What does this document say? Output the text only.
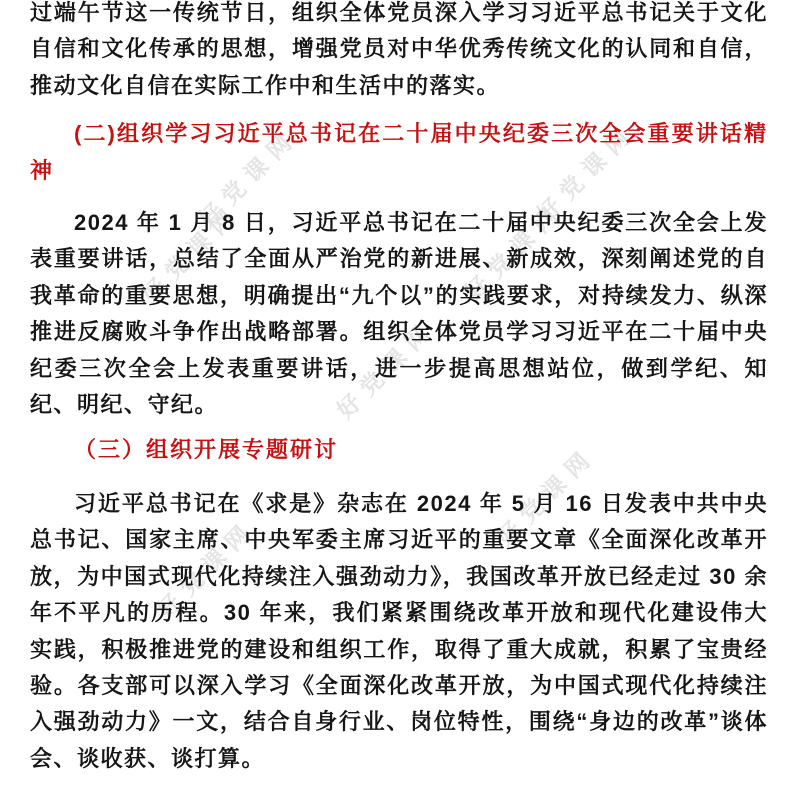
好党课网	好党课网
好党课网	好党课网
好党课网
好党课网
好党课网

过端午节这一传统节日，组织全体党员深入学习习近平总书记关于文化自信和文化传承的思想，增强党员对中华优秀传统文化的认同和自信，推动文化自信在实际工作中和生活中的落实。

(二)组织学习习近平总书记在二十届中央纪委三次全会重要讲话精神

2024 年 1 月 8 日，习近平总书记在二十届中央纪委三次全会上发表重要讲话，总结了全面从严治党的新进展、新成效，深刻阐述党的自我革命的重要思想，明确提出“九个以”的实践要求，对持续发力、纵深推进反腐败斗争作出战略部署。组织全体党员学习习近平在二十届中央纪委三次全会上发表重要讲话，进一步提高思想站位，做到学纪、知纪、明纪、守纪。

（三）组织开展专题研讨

习近平总书记在《求是》杂志在 2024 年 5 月 16 日发表中共中央总书记、国家主席、中央军委主席习近平的重要文章《全面深化改革开放，为中国式现代化持续注入强劲动力》，我国改革开放已经走过 30 余年不平凡的历程。30 年来，我们紧紧围绕改革开放和现代化建设伟大实践，积极推进党的建设和组织工作，取得了重大成就，积累了宝贵经验。各支部可以深入学习《全面深化改革开放，为中国式现代化持续注入强劲动力》一文，结合自身行业、岗位特性，围绕“身边的改革”谈体会、谈收获、谈打算。
